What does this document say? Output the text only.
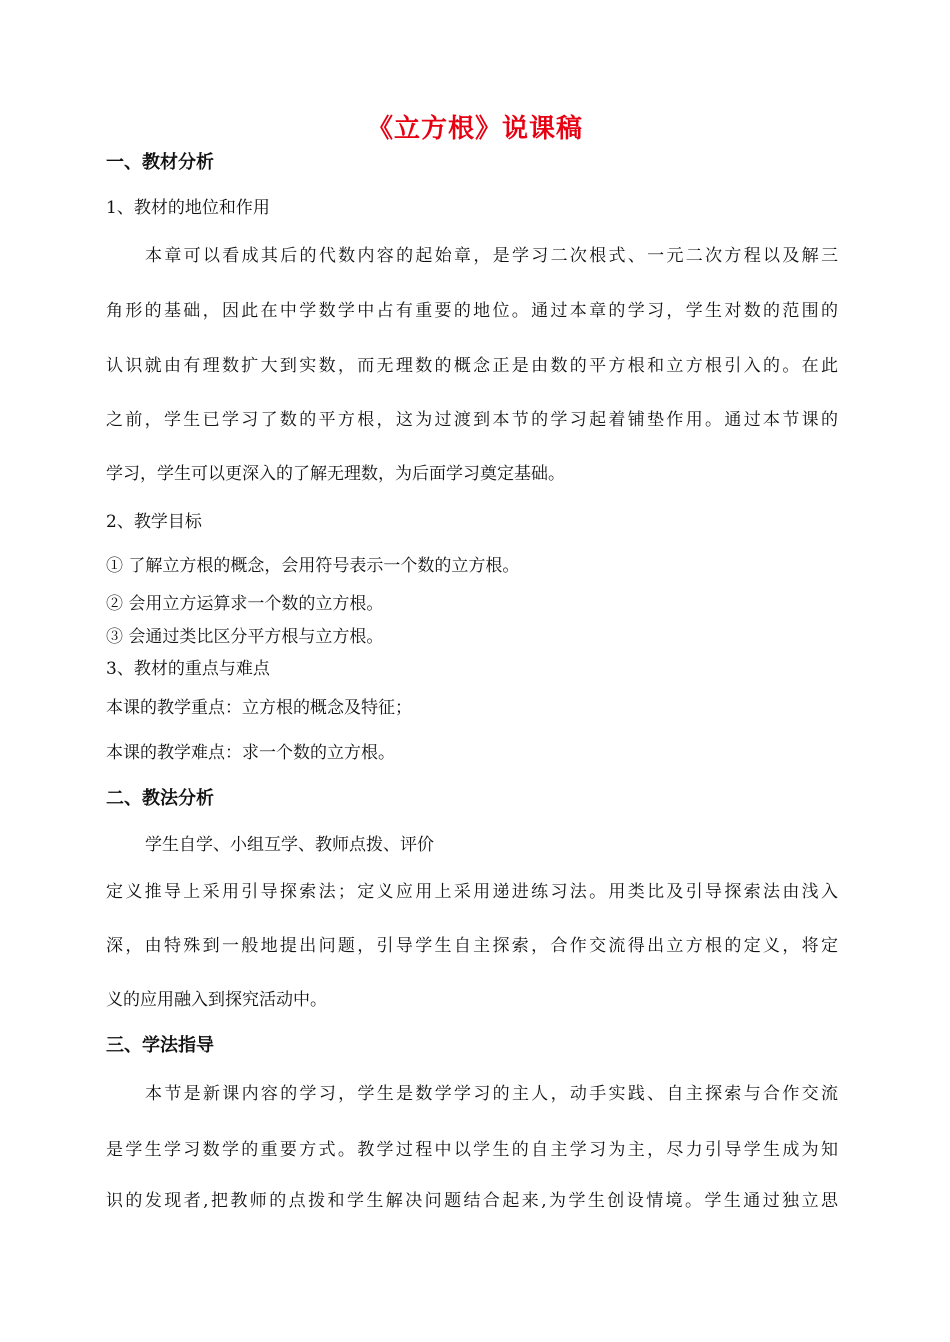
《立方根》说课稿
一、教材分析
1、教材的地位和作用
本章可以看成其后的代数内容的起始章，是学习二次根式、一元二次方程以及解三
角形的基础，因此在中学数学中占有重要的地位。通过本章的学习，学生对数的范围的
认识就由有理数扩大到实数，而无理数的概念正是由数的平方根和立方根引入的。在此
之前，学生已学习了数的平方根，这为过渡到本节的学习起着铺垫作用。通过本节课的
学习，学生可以更深入的了解无理数，为后面学习奠定基础。
2、教学目标
① 了解立方根的概念，会用符号表示一个数的立方根。
② 会用立方运算求一个数的立方根。
③ 会通过类比区分平方根与立方根。
3、教材的重点与难点
本课的教学重点：立方根的概念及特征；
本课的教学难点：求一个数的立方根。
二、教法分析
学生自学、小组互学、教师点拨、评价
定义推导上采用引导探索法；定义应用上采用递进练习法。用类比及引导探索法由浅入
深，由特殊到一般地提出问题，引导学生自主探索，合作交流得出立方根的定义，将定
义的应用融入到探究活动中。
三、学法指导
本节是新课内容的学习，学生是数学学习的主人，动手实践、自主探索与合作交流
是学生学习数学的重要方式。教学过程中以学生的自主学习为主，尽力引导学生成为知
识的发现者,把教师的点拨和学生解决问题结合起来,为学生创设情境。学生通过独立思
